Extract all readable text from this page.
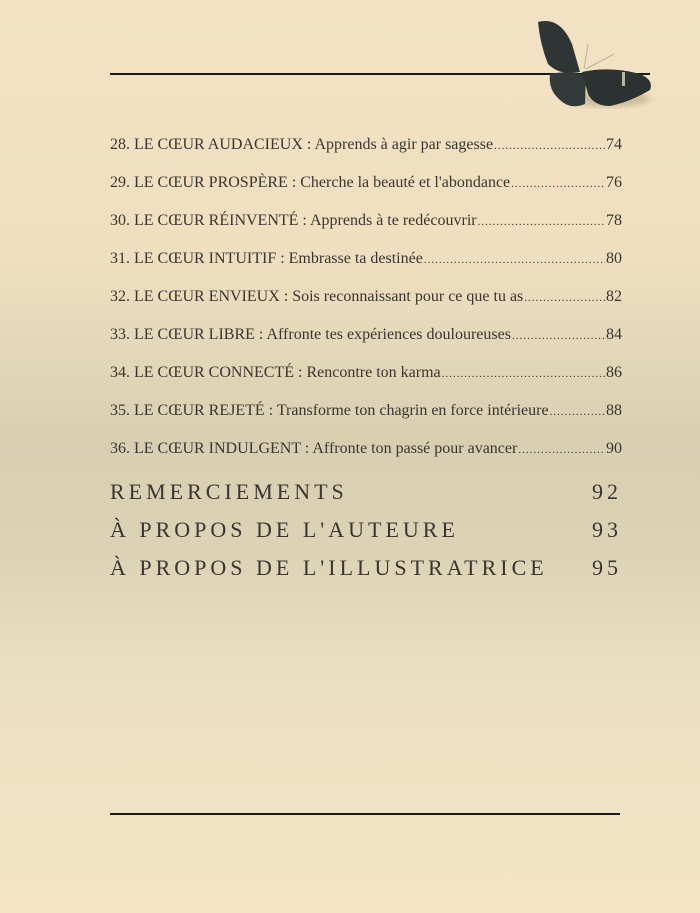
28. LE CŒUR AUDACIEUX : Apprends à agir par sagesse .....	74
29. LE CŒUR PROSPÈRE : Cherche la beauté et l'abondance .....	76
30. LE CŒUR RÉINVENTÉ : Apprends à te redécouvrir .....	78
31. LE CŒUR INTUITIF : Embrasse ta destinée .....	80
32. LE CŒUR ENVIEUX : Sois reconnaissant pour ce que tu as .....	82
33. LE CŒUR LIBRE : Affronte tes expériences douloureuses .....	84
34. LE CŒUR CONNECTÉ : Rencontre ton karma .....	86
35. LE CŒUR REJETÉ : Transforme ton chagrin en force intérieure .....	88
36. LE CŒUR INDULGENT : Affronte ton passé pour avancer .....	90
REMERCIEMENTS	92
À PROPOS DE L'AUTEURE	93
À PROPOS DE L'ILLUSTRATRICE 95
